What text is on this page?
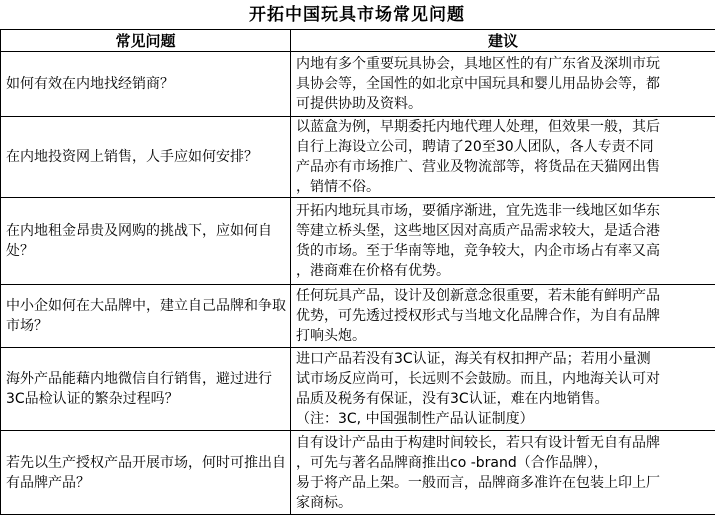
开拓中国玩具市场常见问题
常见问题	建议

如何有效在内地找经销商？	内地有多个重要玩具协会，具地区性的有广东省及深圳市玩
具协会等，全国性的如北京中国玩具和婴儿用品协会等，都
可提供协助及资料。

在内地投资网上销售，人手应如何安排？	以蓝盒为例，早期委托内地代理人处理，但效果一般，其后
自行上海设立公司，聘请了20至30人团队，各人专责不同
产品亦有市场推广、营业及物流部等，将货品在天猫网出售
，销情不俗。

在内地租金昂贵及网购的挑战下，应如何自处？	开拓内地玩具市场，要循序渐进，宜先选非一线地区如华东
等建立桥头堡，这些地区因对高质产品需求较大，是适合港
货的市场。至于华南等地，竞争较大，内企市场占有率又高
，港商难在价格有优势。

中小企如何在大品牌中，建立自己品牌和争取市场？	任何玩具产品，设计及创新意念很重要，若未能有鲜明产品
优势，可先透过授权形式与当地文化品牌合作，为自有品牌
打响头炮。

海外产品能藉内地微信自行销售，避过进行3C品检认证的繁杂过程吗？	进口产品若没有3C认证，海关有权扣押产品；若用小量测
试市场反应尚可，长远则不会鼓励。而且，内地海关认可对
品质及税务有保证，没有3C认证，难在内地销售。
（注：3C, 中国强制性产品认证制度）

若先以生产授权产品开展市场，何时可推出自有品牌产品？	自有设计产品由于构建时间较长，若只有设计暂无自有品牌
，可先与著名品牌商推出co -brand（合作品牌），
易于将产品上架。一般而言，品牌商多准许在包装上印上厂
家商标。
